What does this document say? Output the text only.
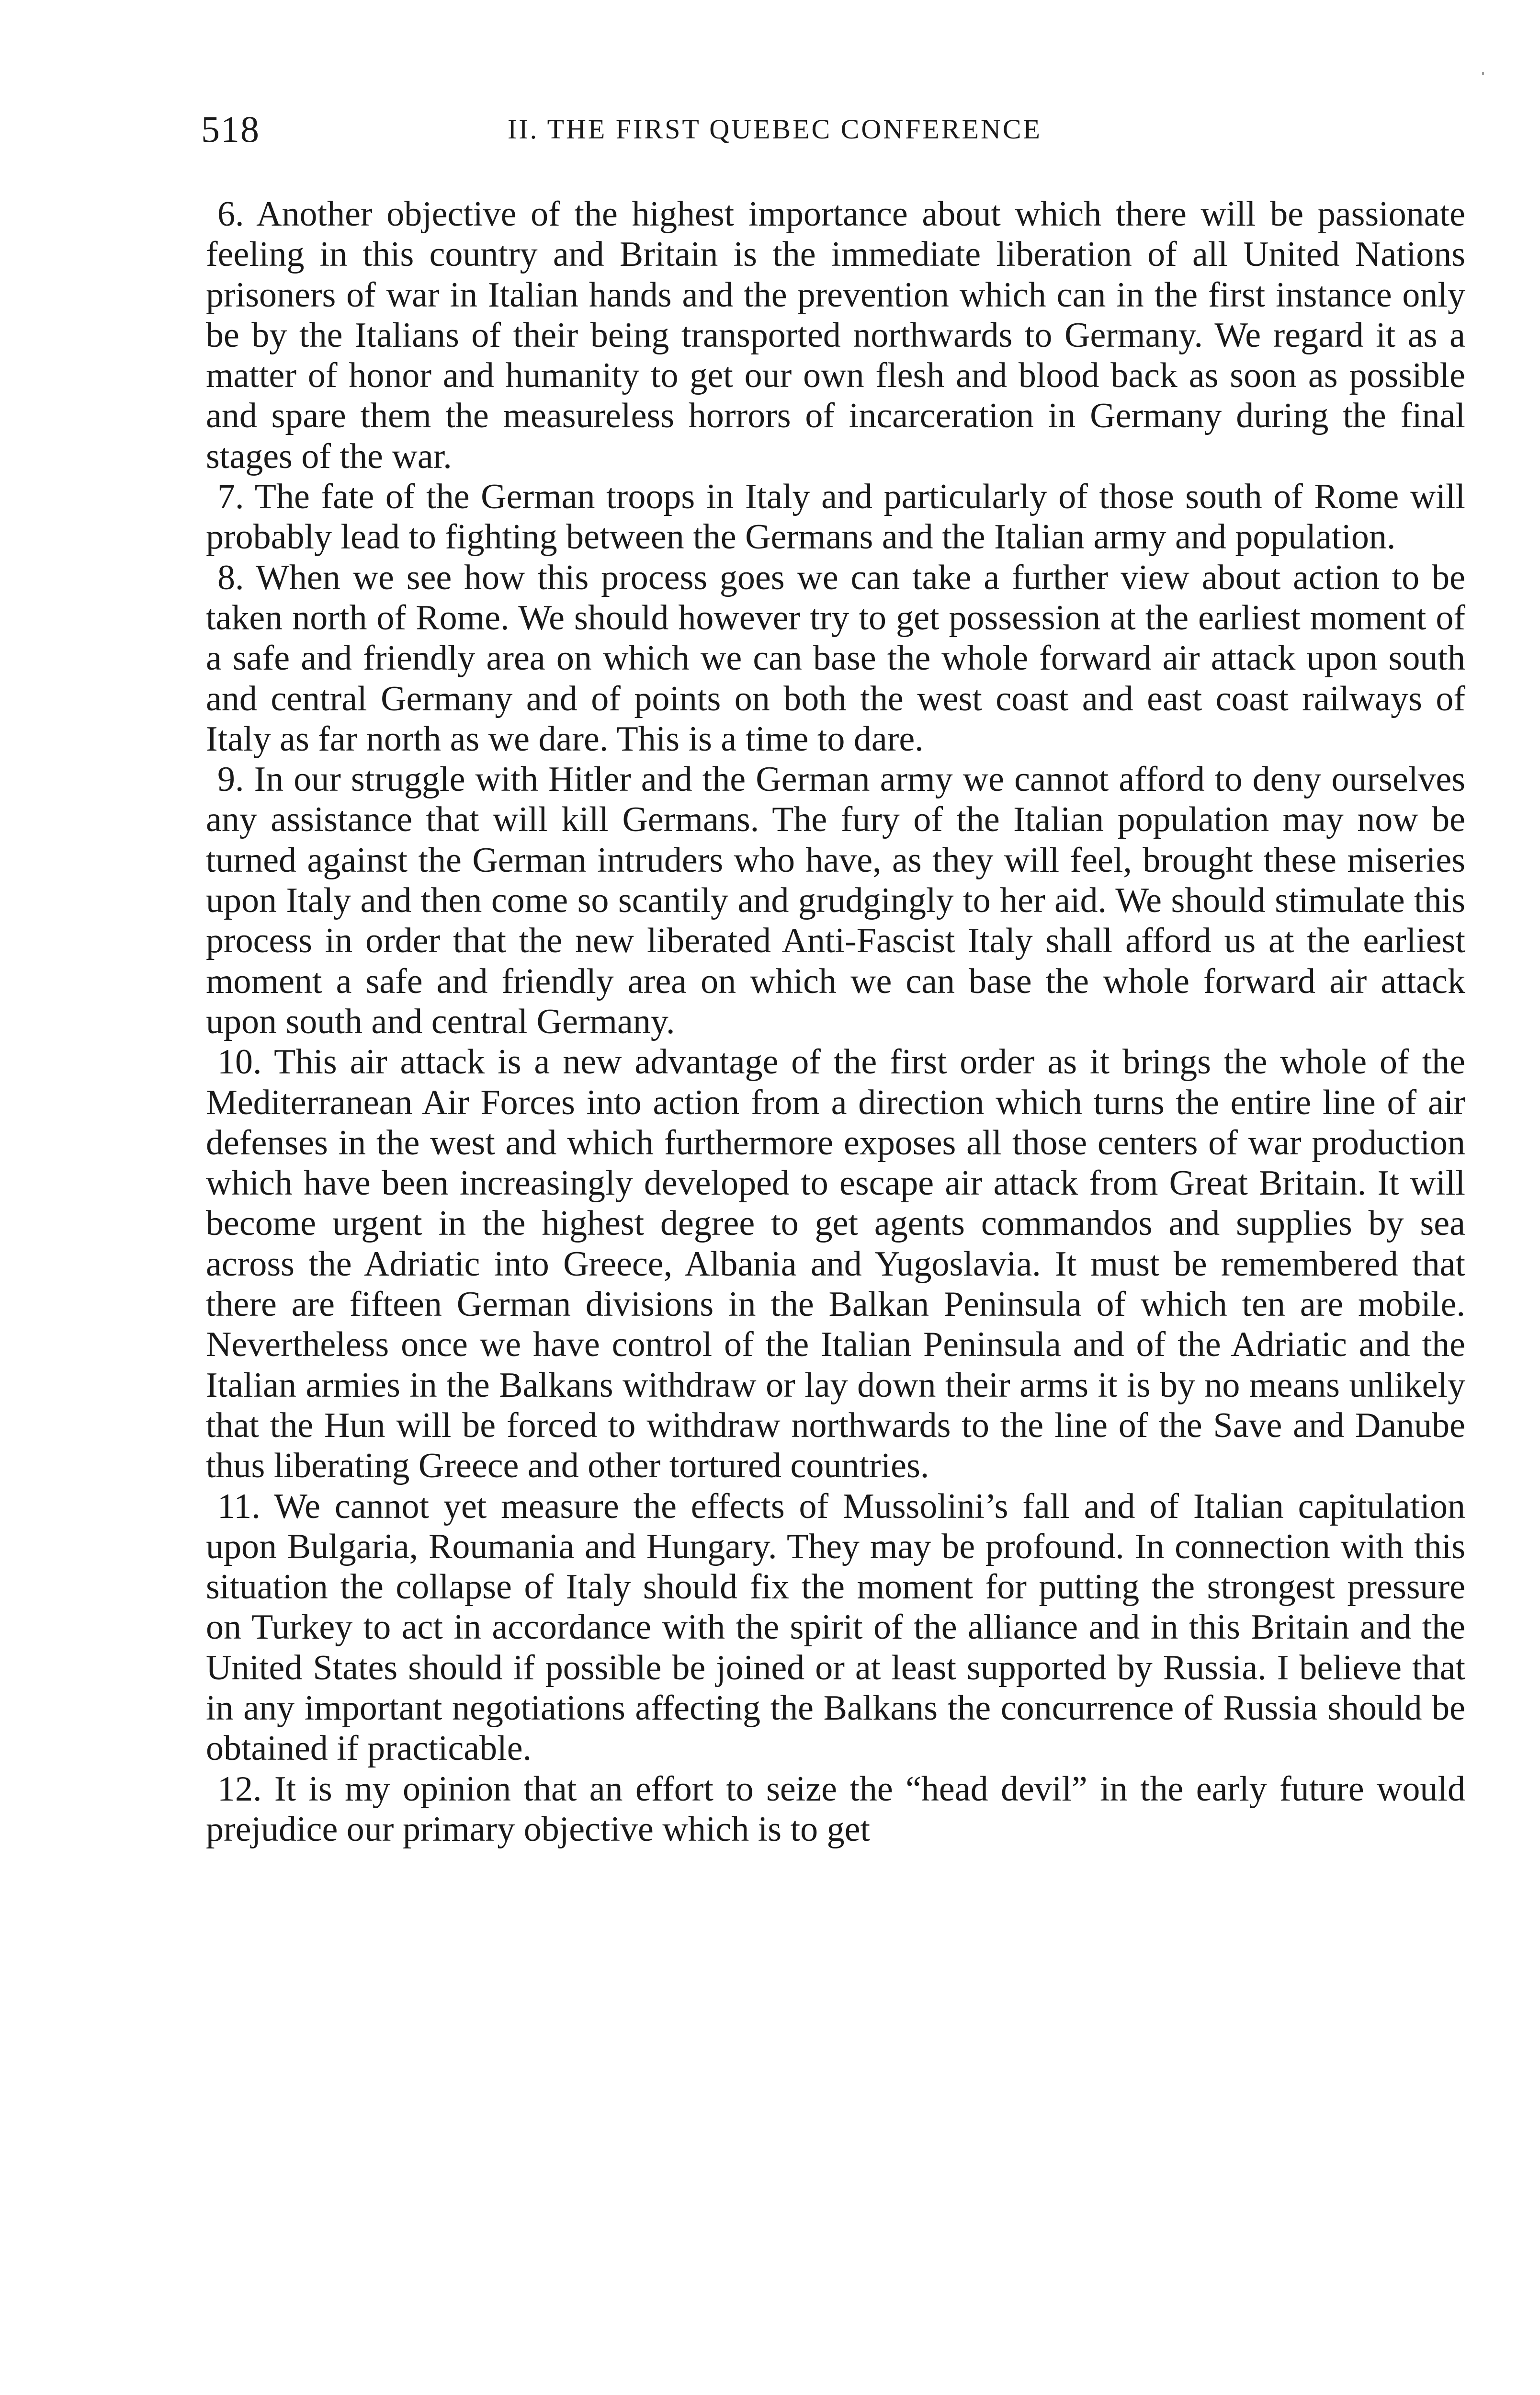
518	II. THE FIRST QUEBEC CONFERENCE

6. Another objective of the highest importance about which there will be passionate feeling in this country and Britain is the immediate liberation of all United Nations prisoners of war in Italian hands and the prevention which can in the first instance only be by the Italians of their being transported northwards to Germany. We regard it as a matter of honor and humanity to get our own flesh and blood back as soon as possible and spare them the measureless horrors of incarceration in Germany during the final stages of the war.

7. The fate of the German troops in Italy and particularly of those south of Rome will probably lead to fighting between the Germans and the Italian army and population.

8. When we see how this process goes we can take a further view about action to be taken north of Rome. We should however try to get possession at the earliest moment of a safe and friendly area on which we can base the whole forward air attack upon south and central Germany and of points on both the west coast and east coast railways of Italy as far north as we dare. This is a time to dare.

9. In our struggle with Hitler and the German army we cannot afford to deny ourselves any assistance that will kill Germans. The fury of the Italian population may now be turned against the German intruders who have, as they will feel, brought these miseries upon Italy and then come so scantily and grudgingly to her aid. We should stimulate this process in order that the new liberated Anti-Fascist Italy shall afford us at the earliest moment a safe and friendly area on which we can base the whole forward air attack upon south and central Germany.

10. This air attack is a new advantage of the first order as it brings the whole of the Mediterranean Air Forces into action from a direction which turns the entire line of air defenses in the west and which furthermore exposes all those centers of war production which have been increasingly developed to escape air attack from Great Britain. It will become urgent in the highest degree to get agents commandos and supplies by sea across the Adriatic into Greece, Albania and Yugoslavia. It must be remembered that there are fifteen German divisions in the Balkan Peninsula of which ten are mobile. Nevertheless once we have control of the Italian Peninsula and of the Adriatic and the Italian armies in the Balkans withdraw or lay down their arms it is by no means unlikely that the Hun will be forced to withdraw northwards to the line of the Save and Danube thus liberating Greece and other tortured countries.

11. We cannot yet measure the effects of Mussolini’s fall and of Italian capitulation upon Bulgaria, Roumania and Hungary. They may be profound. In connection with this situation the collapse of Italy should fix the moment for putting the strongest pressure on Turkey to act in accordance with the spirit of the alliance and in this Britain and the United States should if possible be joined or at least supported by Russia. I believe that in any important negotiations affecting the Balkans the concurrence of Russia should be obtained if practicable.

12. It is my opinion that an effort to seize the “head devil” in the early future would prejudice our primary objective which is to get
